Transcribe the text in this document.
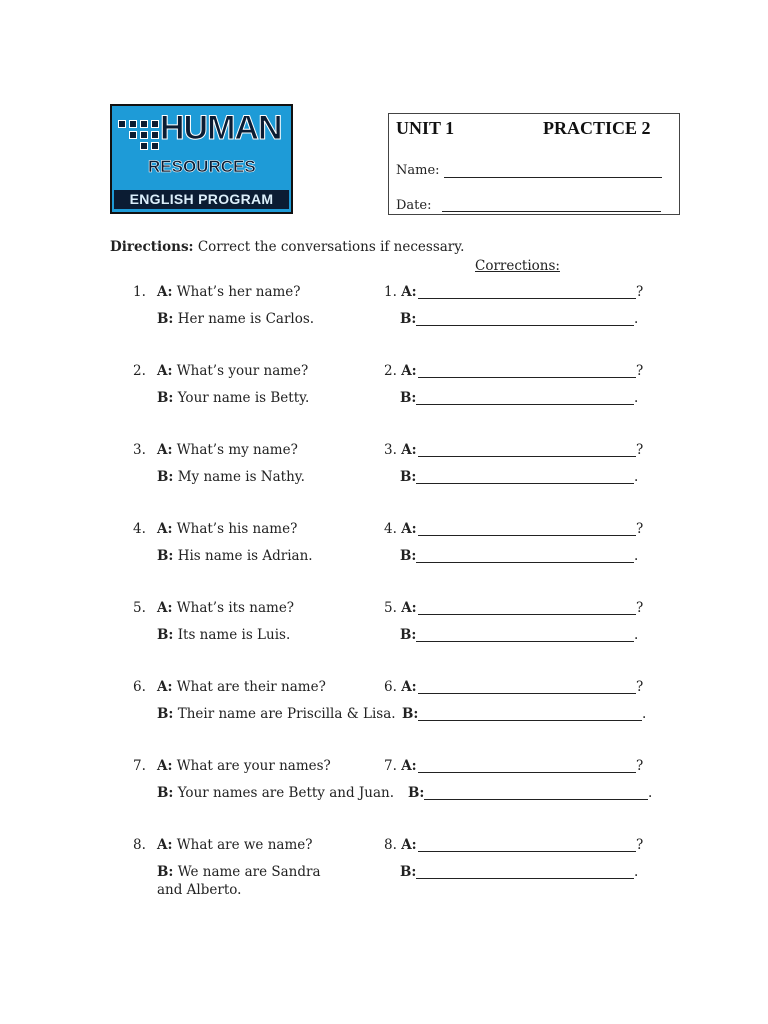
HUMAN
RESOURCES
ENGLISH PROGRAM
UNIT 1	PRACTICE 2
Name:
Date:
Directions: Correct the conversations if necessary.
Corrections:
1. A: What’s her name?
B: Her name is Carlos.
1. A:	?
B:	.
2. A: What’s your name?
B: Your name is Betty.
2. A:	?
B:	.
3. A: What’s my name?
B: My name is Nathy.
3. A:	?
B:	.
4. A: What’s his name?
B: His name is Adrian.
4. A:	?
B:	.
5. A: What’s its name?
B: Its name is Luis.
5. A:	?
B:	.
6. A: What are their name?
B: Their name are Priscilla & Lisa.
6. A:	?
B:	.
7. A: What are your names?
B: Your names are Betty and Juan.
7. A:	?
B:	.
8. A: What are we name?
B: We name are Sandra
and Alberto.
8. A:	?
B:	.
